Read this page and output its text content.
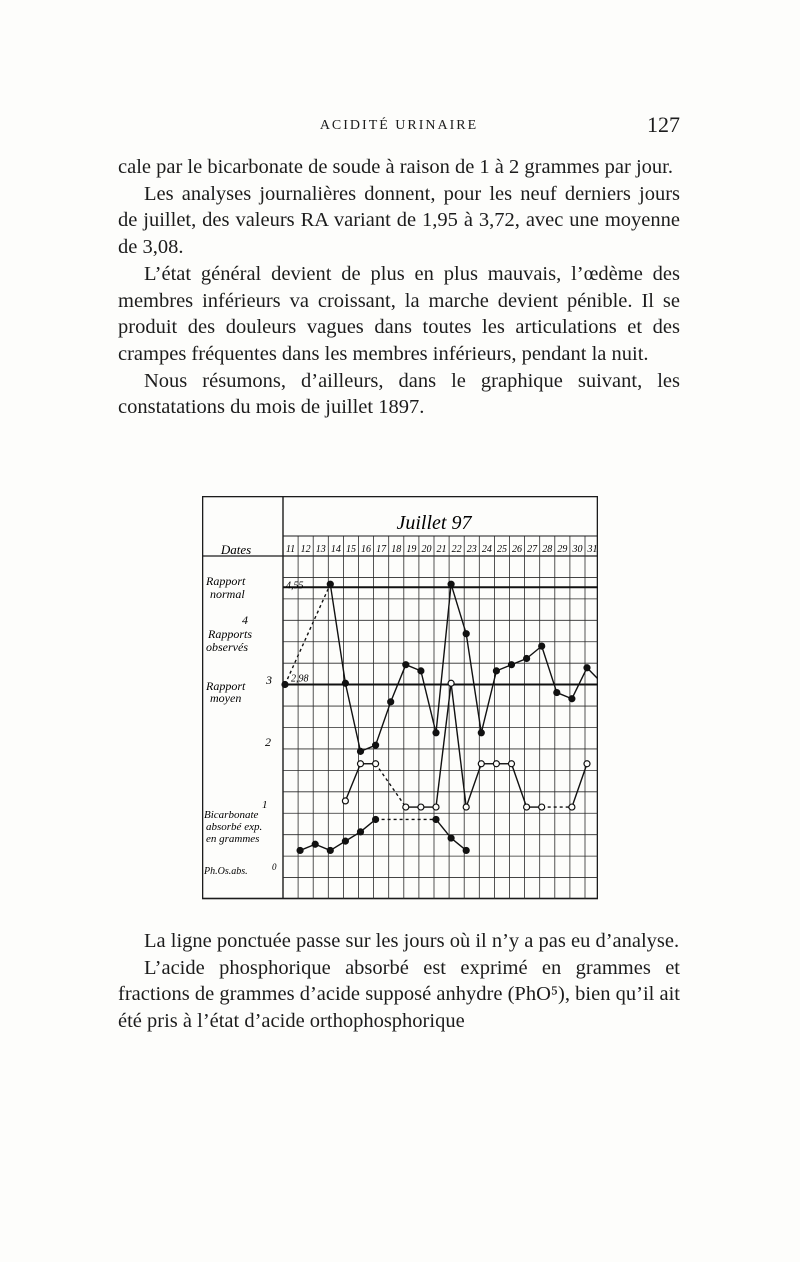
ACIDITÉ URINAIRE	127

cale par le bicarbonate de soude à raison de 1 à 2 grammes par jour.

Les analyses journalières donnent, pour les neuf derniers jours de juillet, des valeurs RA variant de 1,95 à 3,72, avec une moyenne de 3,08.

L’état général devient de plus en plus mauvais, l’œdème des membres inférieurs va croissant, la marche devient pénible. Il se produit des douleurs vagues dans toutes les articulations et des crampes fréquentes dans les membres inférieurs, pendant la nuit.

Nous résumons, d’ailleurs, dans le graphique suivant, les constatations du mois de juillet 1897.

Dates
Juillet 97
Rapport
normal
4
Rapports
observés
Rapport 3
moyen
2
1
Bicarbonate
absorbé exp.
en grammes
Ph.Os.abs.	0
11 12 13 14 15 16 17 18 19 20 21 22 23 24 25 26 27 28 29 30 31
4,55
2,98

La ligne ponctuée passe sur les jours où il n’y a pas eu d’analyse.

L’acide phosphorique absorbé est exprimé en grammes et fractions de grammes d’acide supposé anhydre (PhO⁵), bien qu’il ait été pris à l’état d’acide orthophosphorique
